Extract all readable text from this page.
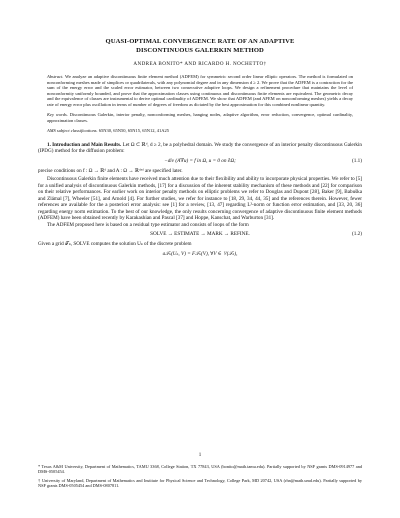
QUASI-OPTIMAL CONVERGENCE RATE OF AN ADAPTIVE
DISCONTINUOUS GALERKIN METHOD
ANDREA BONITO* AND RICARDO H. NOCHETTO†
Abstract. We analyze an adaptive discontinuous finite element method (ADFEM) for symmetric second order linear elliptic operators. The method is formulated on nonconforming meshes made of simplices or quadrilaterals, with any polynomial degree and in any dimension d ≥ 2. We prove that the ADFEM is a contraction for the sum of the energy error and the scaled error estimator, between two consecutive adaptive loops. We design a refinement procedure that maintains the level of nonconformity uniformly bounded, and prove that the approximation classes using continuous and discontinuous finite elements are equivalent. The geometric decay and the equivalence of classes are instrumental to derive optimal cardinality of ADFEM. We show that ADFEM (and AFEM on nonconforming meshes) yields a decay rate of energy error plus oscillation in terms of number of degrees of freedom as dictated by the best approximation for this combined nonlinear quantity.
Key words. Discontinuous Galerkin, interior penalty, nonconforming meshes, hanging nodes, adaptive algorithm, error reduction, convergence, optimal cardinality, approximation classes.
AMS subject classifications. 65N30, 65N50, 65N15, 65N12, 41A25

1. Introduction and Main Results. Let Ω ⊂ ℝᵈ, d ≥ 2, be a polyhedral domain. We study the convergence of an interior penalty discontinuous Galerkin (IPDG) method for the diffusion problem:

−div (A∇u) = f in Ω, u = 0 on ∂Ω;	(1.1)

precise conditions on f : Ω → ℝᵈ and A : Ω → ℝᵈˣᵈ are specified later.

Discontinuous Galerkin finite elements have received much attention due to their flexibility and ability to incorporate physical properties. We refer to [5] for a unified analysis of discontinuous Galerkin methods, [17] for a discussion of the inherent stability mechanism of these methods and [22] for comparison on their relative performances. For earlier work on interior penalty methods on elliptic problems we refer to Douglas and Dupont [28], Baker [9], Babuška and Zlámal [7], Wheeler [51], and Arnold [4]. For further studies, we refer for instance to [18, 29, 34, 44, 35] and the references therein. However, fewer references are available for the a posteriori error analysis: see [1] for a review, [13, 47] regarding L²-norm or function error estimation, and [33, 20, 36] regarding energy norm estimation. To the best of our knowledge, the only results concerning convergence of adaptive discontinuous finite element methods (ADFEM) have been obtained recently by Karakashian and Pascal [37] and Hoppe, Kanschat, and Warburton [31].

The ADFEM proposed here is based on a residual type estimator and consists of loops of the form

SOLVE → ESTIMATE → MARK → REFINE.	(1.2)

Given a grid 𝒯ₖ, SOLVE computes the solution Uₖ of the discrete problem

a𝒯ₖ(Uₖ, V) = F𝒯ₖ(V), ∀V ∈ 𝕍(𝒯ₖ),
1

* Texas A&M University, Department of Mathematics, TAMU 3368, College Station, TX 77843, USA (bonito@math.tamu.edu). Partially supported by NSF grants DMS-0914977 and DMS-0505454.

† University of Maryland, Department of Mathematics and Institute for Physical Science and Technology, College Park, MD 20742, USA (rhn@math.umd.edu). Partially supported by NSF grants DMS-0505454 and DMS-0807811.
